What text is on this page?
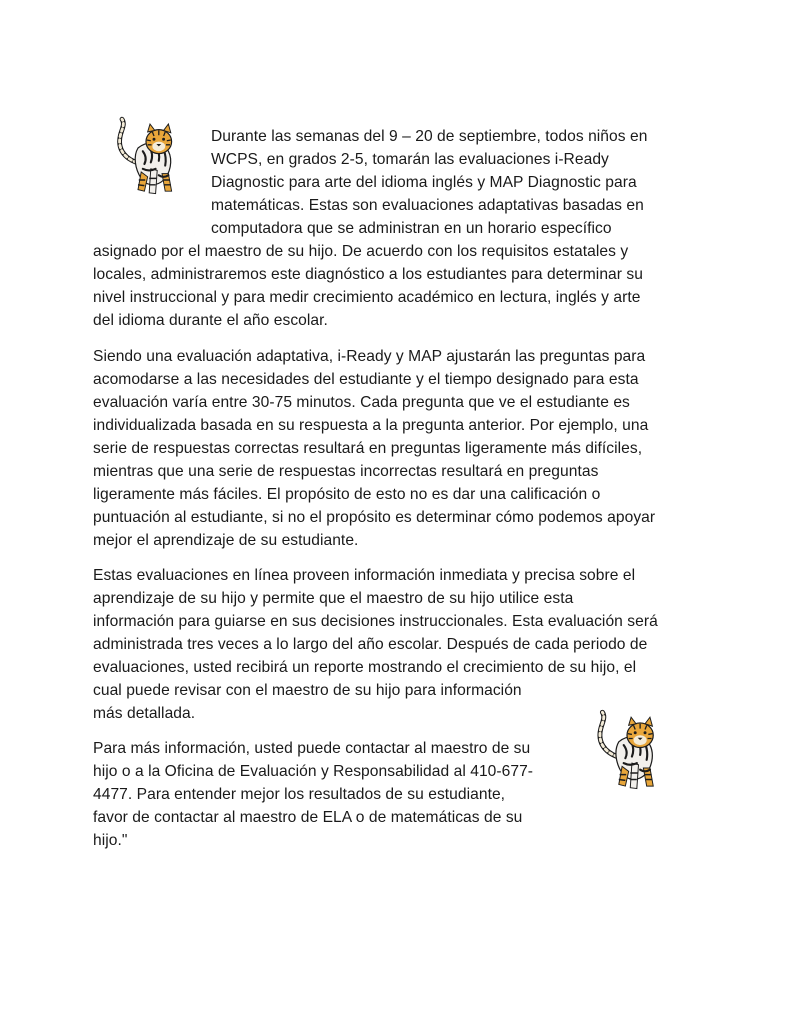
Durante las semanas del 9 – 20 de septiembre, todos niños en
WCPS, en grados 2-5, tomarán las evaluaciones i-Ready
Diagnostic para arte del idioma inglés y MAP Diagnostic para
matemáticas. Estas son evaluaciones adaptativas basadas en
computadora que se administran en un horario específico
asignado por el maestro de su hijo. De acuerdo con los requisitos estatales y
locales, administraremos este diagnóstico a los estudiantes para determinar su
nivel instruccional y para medir crecimiento académico en lectura, inglés y arte
del idioma durante el año escolar.
Siendo una evaluación adaptativa, i-Ready y MAP ajustarán las preguntas para
acomodarse a las necesidades del estudiante y el tiempo designado para esta
evaluación varía entre 30-75 minutos. Cada pregunta que ve el estudiante es
individualizada basada en su respuesta a la pregunta anterior. Por ejemplo, una
serie de respuestas correctas resultará en preguntas ligeramente más difíciles,
mientras que una serie de respuestas incorrectas resultará en preguntas
ligeramente más fáciles. El propósito de esto no es dar una calificación o
puntuación al estudiante, si no el propósito es determinar cómo podemos apoyar
mejor el aprendizaje de su estudiante.
Estas evaluaciones en línea proveen información inmediata y precisa sobre el
aprendizaje de su hijo y permite que el maestro de su hijo utilice esta
información para guiarse en sus decisiones instruccionales. Esta evaluación será
administrada tres veces a lo largo del año escolar. Después de cada periodo de
evaluaciones, usted recibirá un reporte mostrando el crecimiento de su hijo, el
cual puede revisar con el maestro de su hijo para información
más detallada.
Para más información, usted puede contactar al maestro de su
hijo o a la Oficina de Evaluación y Responsabilidad al 410-677-
4477. Para entender mejor los resultados de su estudiante,
favor de contactar al maestro de ELA o de matemáticas de su
hijo."
